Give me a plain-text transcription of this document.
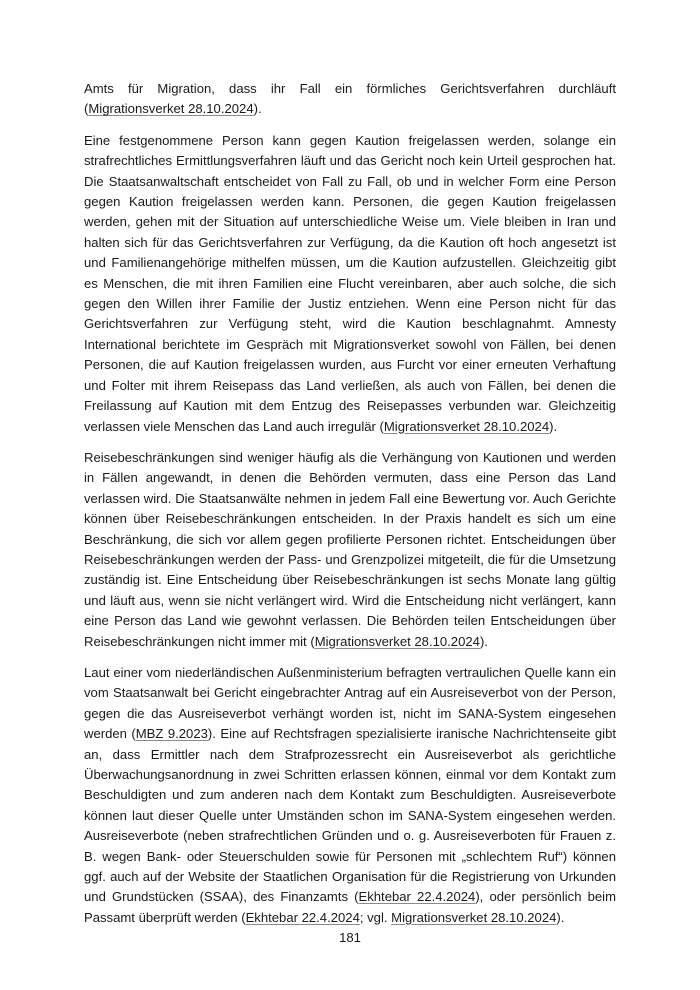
Amts für Migration, dass ihr Fall ein förmliches Gerichtsverfahren durchläuft (Migrationsverket 28.10.2024).

Eine festgenommene Person kann gegen Kaution freigelassen werden, solange ein strafrechtliches Ermittlungsverfahren läuft und das Gericht noch kein Urteil gesprochen hat. Die Staatsanwaltschaft entscheidet von Fall zu Fall, ob und in welcher Form eine Person gegen Kaution freigelassen werden kann. Personen, die gegen Kaution freigelassen werden, gehen mit der Situation auf unterschiedliche Weise um. Viele bleiben in Iran und halten sich für das Gerichtsverfahren zur Verfügung, da die Kaution oft hoch angesetzt ist und Familienangehörige mithelfen müssen, um die Kaution aufzustellen. Gleichzeitig gibt es Menschen, die mit ihren Familien eine Flucht vereinbaren, aber auch solche, die sich gegen den Willen ihrer Familie der Justiz entziehen. Wenn eine Person nicht für das Gerichtsverfahren zur Verfügung steht, wird die Kaution beschlagnahmt. Amnesty International berichtete im Gespräch mit Migrationsverket sowohl von Fällen, bei denen Personen, die auf Kaution freigelassen wurden, aus Furcht vor einer erneuten Verhaftung und Folter mit ihrem Reisepass das Land verließen, als auch von Fällen, bei denen die Freilassung auf Kaution mit dem Entzug des Reisepasses verbunden war. Gleichzeitig verlassen viele Menschen das Land auch irregulär (Migrationsverket 28.10.2024).

Reisebeschränkungen sind weniger häufig als die Verhängung von Kautionen und werden in Fällen angewandt, in denen die Behörden vermuten, dass eine Person das Land verlassen wird. Die Staatsanwälte nehmen in jedem Fall eine Bewertung vor. Auch Gerichte können über Reisebeschränkungen entscheiden. In der Praxis handelt es sich um eine Beschränkung, die sich vor allem gegen profilierte Personen richtet. Entscheidungen über Reisebeschränkungen werden der Pass- und Grenzpolizei mitgeteilt, die für die Umsetzung zuständig ist. Eine Entscheidung über Reisebeschränkungen ist sechs Monate lang gültig und läuft aus, wenn sie nicht verlängert wird. Wird die Entscheidung nicht verlängert, kann eine Person das Land wie gewohnt verlassen. Die Behörden teilen Entscheidungen über Reisebeschränkungen nicht immer mit (Migrationsverket 28.10.2024).

Laut einer vom niederländischen Außenministerium befragten vertraulichen Quelle kann ein vom Staatsanwalt bei Gericht eingebrachter Antrag auf ein Ausreiseverbot von der Person, gegen die das Ausreiseverbot verhängt worden ist, nicht im SANA-System eingesehen werden (MBZ 9.2023). Eine auf Rechtsfragen spezialisierte iranische Nachrichtenseite gibt an, dass Ermittler nach dem Strafprozessrecht ein Ausreiseverbot als gerichtliche Überwachungsanordnung in zwei Schritten erlassen können, einmal vor dem Kontakt zum Beschuldigten und zum anderen nach dem Kontakt zum Beschuldigten. Ausreiseverbote können laut dieser Quelle unter Umständen schon im SANA-System eingesehen werden. Ausreiseverbote (neben strafrechtlichen Gründen und o. g. Ausreiseverboten für Frauen z. B. wegen Bank- oder Steuerschulden sowie für Personen mit „schlechtem Ruf“) können ggf. auch auf der Website der Staatlichen Organisation für die Registrierung von Urkunden und Grundstücken (SSAA), des Finanzamts (Ekhtebar 22.4.2024), oder persönlich beim Passamt überprüft werden (Ekhtebar 22.4.2024; vgl. Migrationsverket 28.10.2024).

181
